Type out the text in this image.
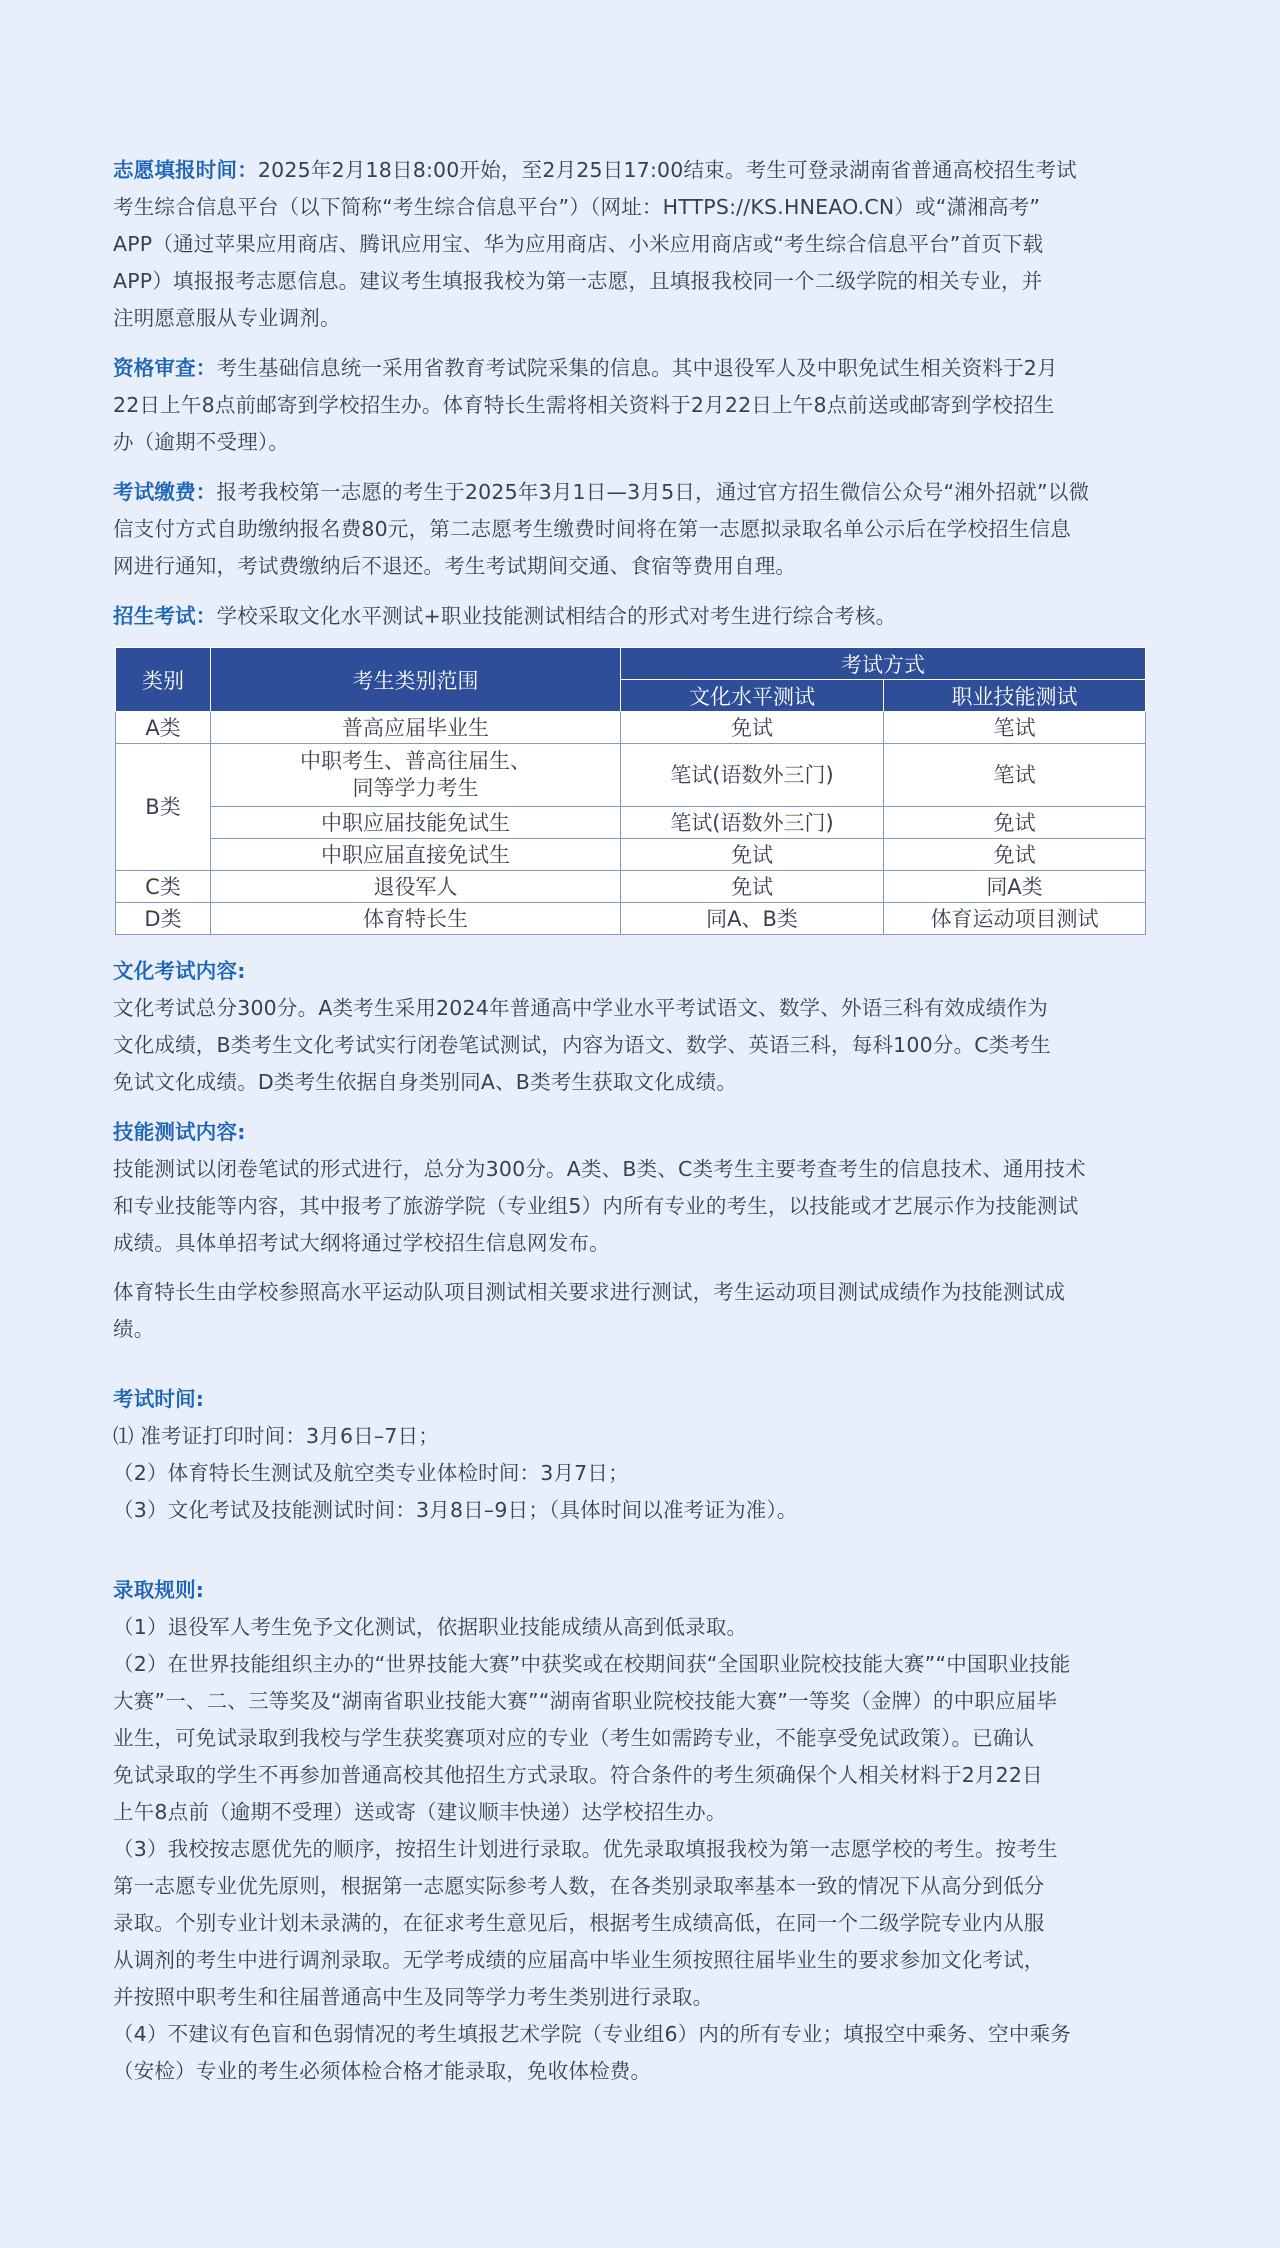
志愿填报时间：2025年2月18日8:00开始，至2月25日17:00结束。考生可登录湖南省普通高校招生考试

考生综合信息平台（以下简称“考生综合信息平台”）（网址：HTTPS://KS.HNEAO.CN）或“潇湘高考”

APP（通过苹果应用商店、腾讯应用宝、华为应用商店、小米应用商店或“考生综合信息平台”首页下载

APP）填报报考志愿信息。建议考生填报我校为第一志愿，且填报我校同一个二级学院的相关专业，并

注明愿意服从专业调剂。

资格审查：考生基础信息统一采用省教育考试院采集的信息。其中退役军人及中职免试生相关资料于2月

22日上午8点前邮寄到学校招生办。体育特长生需将相关资料于2月22日上午8点前送或邮寄到学校招生

办（逾期不受理）。

考试缴费：报考我校第一志愿的考生于2025年3月1日—3月5日，通过官方招生微信公众号“湘外招就”以微

信支付方式自助缴纳报名费80元，第二志愿考生缴费时间将在第一志愿拟录取名单公示后在学校招生信息

网进行通知，考试费缴纳后不退还。考生考试期间交通、食宿等费用自理。

招生考试：学校采取文化水平测试+职业技能测试相结合的形式对考生进行综合考核。

类别	考生类别范围	考试方式	
		文化水平测试	职业技能测试
A类	普高应届毕业生	免试	笔试
B类	中职考生、普高往届生、
同等学力考生	笔试(语数外三门)	笔试
	中职应届技能免试生	笔试(语数外三门)	免试
	中职应届直接免试生	免试	免试
C类	退役军人	免试	同A类
D类	体育特长生	同A、B类	体育运动项目测试

文化考试内容:

文化考试总分300分。A类考生采用2024年普通高中学业水平考试语文、数学、外语三科有效成绩作为

文化成绩，B类考生文化考试实行闭卷笔试测试，内容为语文、数学、英语三科，每科100分。C类考生

免试文化成绩。D类考生依据自身类别同A、B类考生获取文化成绩。

技能测试内容:

技能测试以闭卷笔试的形式进行，总分为300分。A类、B类、C类考生主要考查考生的信息技术、通用技术

和专业技能等内容，其中报考了旅游学院（专业组5）内所有专业的考生，以技能或才艺展示作为技能测试

成绩。具体单招考试大纲将通过学校招生信息网发布。

体育特长生由学校参照高水平运动队项目测试相关要求进行测试，考生运动项目测试成绩作为技能测试成

绩。

考试时间:

⑴ 准考证打印时间：3月6日–7日；

（2）体育特长生测试及航空类专业体检时间：3月7日；

（3）文化考试及技能测试时间：3月8日–9日；（具体时间以准考证为准）。

录取规则:

（1）退役军人考生免予文化测试，依据职业技能成绩从高到低录取。

（2）在世界技能组织主办的“世界技能大赛”中获奖或在校期间获“全国职业院校技能大赛”“中国职业技能

大赛”一、二、三等奖及“湖南省职业技能大赛”“湖南省职业院校技能大赛”一等奖（金牌）的中职应届毕

业生，可免试录取到我校与学生获奖赛项对应的专业（考生如需跨专业，不能享受免试政策）。已确认

免试录取的学生不再参加普通高校其他招生方式录取。符合条件的考生须确保个人相关材料于2月22日

上午8点前（逾期不受理）送或寄（建议顺丰快递）达学校招生办。

（3）我校按志愿优先的顺序，按招生计划进行录取。优先录取填报我校为第一志愿学校的考生。按考生

第一志愿专业优先原则，根据第一志愿实际参考人数，在各类别录取率基本一致的情况下从高分到低分

录取。个别专业计划未录满的，在征求考生意见后，根据考生成绩高低，在同一个二级学院专业内从服

从调剂的考生中进行调剂录取。无学考成绩的应届高中毕业生须按照往届毕业生的要求参加文化考试，

并按照中职考生和往届普通高中生及同等学力考生类别进行录取。

（4）不建议有色盲和色弱情况的考生填报艺术学院（专业组6）内的所有专业；填报空中乘务、空中乘务

（安检）专业的考生必须体检合格才能录取，免收体检费。
